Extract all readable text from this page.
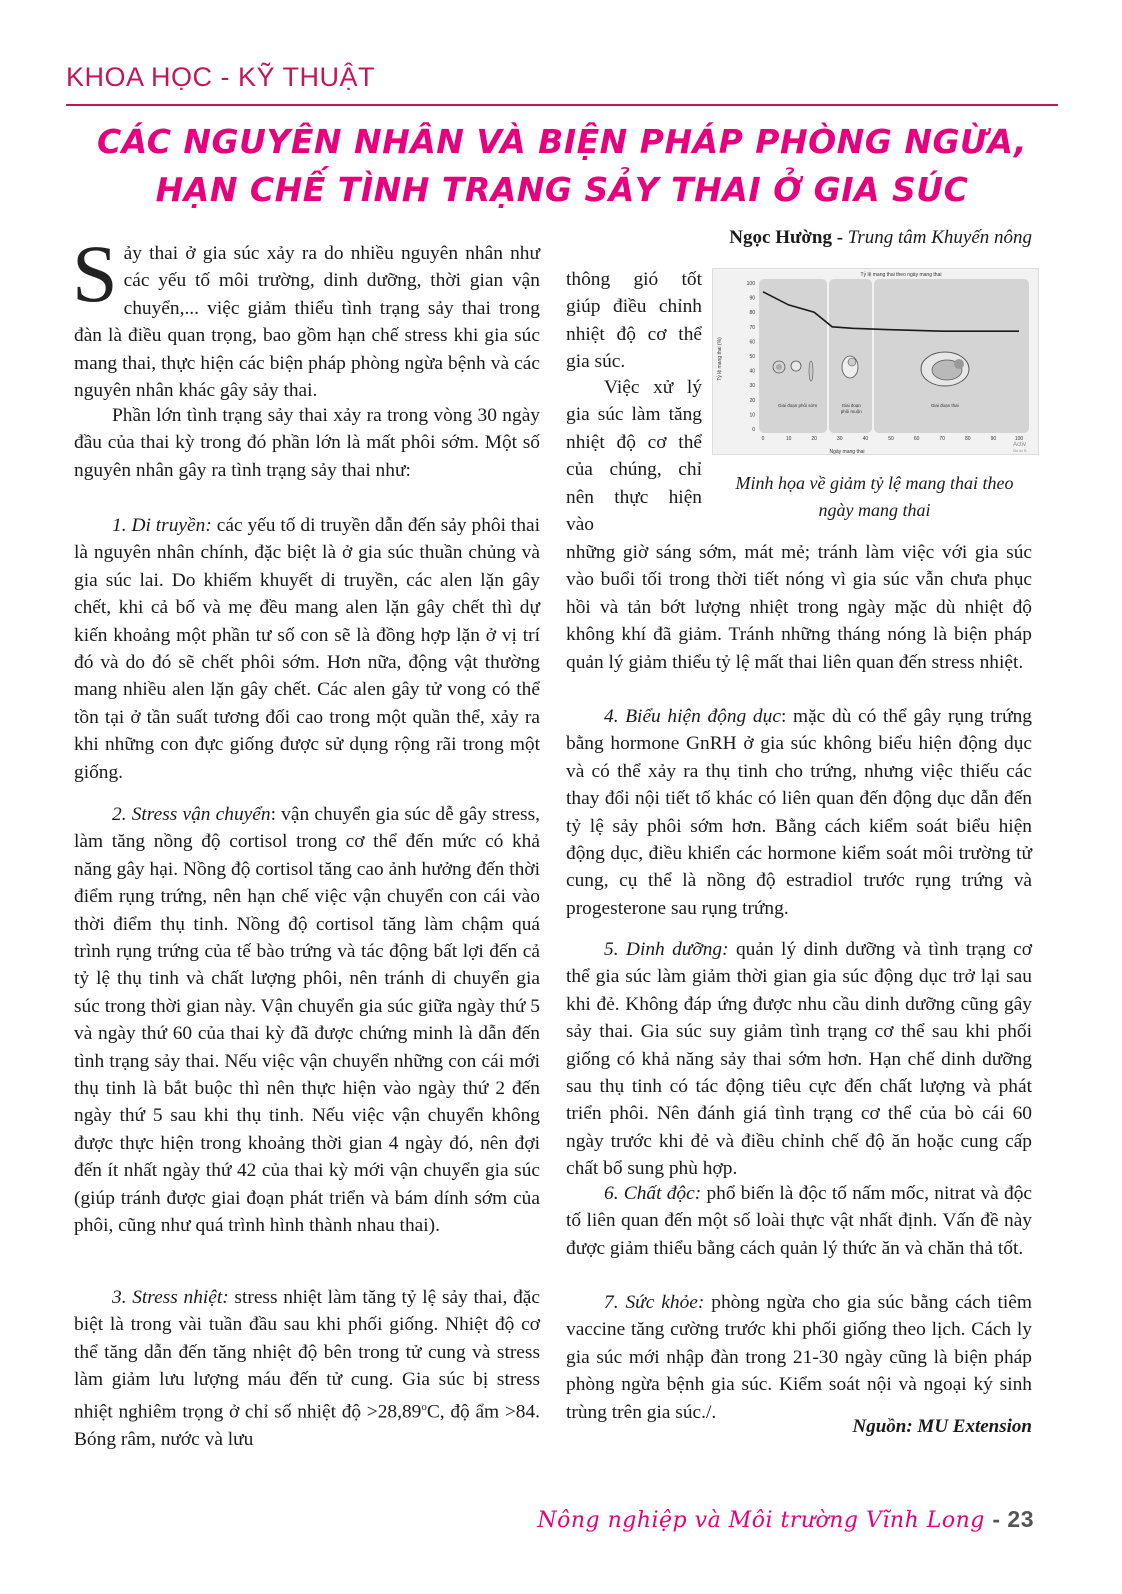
KHOA HỌC - KỸ THUẬT
CÁC NGUYÊN NHÂN VÀ BIỆN PHÁP PHÒNG NGỪA,
HẠN CHẾ TÌNH TRẠNG SẢY THAI Ở GIA SÚC
Ngọc Hường - Trung tâm Khuyến nông

Sảy thai ở gia súc xảy ra do nhiều nguyên nhân như các yếu tố môi trường, dinh dưỡng, thời gian vận chuyển,... việc giảm thiểu tình trạng sảy thai trong đàn là điều quan trọng, bao gồm hạn chế stress khi gia súc mang thai, thực hiện các biện pháp phòng ngừa bệnh và các nguyên nhân khác gây sảy thai.

Phần lớn tình trạng sảy thai xảy ra trong vòng 30 ngày đầu của thai kỳ trong đó phần lớn là mất phôi sớm. Một số nguyên nhân gây ra tình trạng sảy thai như:

1. Di truyền: các yếu tố di truyền dẫn đến sảy phôi thai là nguyên nhân chính, đặc biệt là ở gia súc thuần chủng và gia súc lai. Do khiếm khuyết di truyền, các alen lặn gây chết, khi cả bố và mẹ đều mang alen lặn gây chết thì dự kiến khoảng một phần tư số con sẽ là đồng hợp lặn ở vị trí đó và do đó sẽ chết phôi sớm. Hơn nữa, động vật thường mang nhiều alen lặn gây chết. Các alen gây tử vong có thể tồn tại ở tần suất tương đối cao trong một quần thể, xảy ra khi những con đực giống được sử dụng rộng rãi trong một giống.

2. Stress vận chuyển: vận chuyển gia súc dễ gây stress, làm tăng nồng độ cortisol trong cơ thể đến mức có khả năng gây hại. Nồng độ cortisol tăng cao ảnh hưởng đến thời điểm rụng trứng, nên hạn chế việc vận chuyển con cái vào thời điểm thụ tinh. Nồng độ cortisol tăng làm chậm quá trình rụng trứng của tế bào trứng và tác động bất lợi đến cả tỷ lệ thụ tinh và chất lượng phôi, nên tránh di chuyển gia súc trong thời gian này. Vận chuyển gia súc giữa ngày thứ 5 và ngày thứ 60 của thai kỳ đã được chứng minh là dẫn đến tình trạng sảy thai. Nếu việc vận chuyển những con cái mới thụ tinh là bắt buộc thì nên thực hiện vào ngày thứ 2 đến ngày thứ 5 sau khi thụ tinh. Nếu việc vận chuyển không được thực hiện trong khoảng thời gian 4 ngày đó, nên đợi đến ít nhất ngày thứ 42 của thai kỳ mới vận chuyển gia súc (giúp tránh được giai đoạn phát triển và bám dính sớm của phôi, cũng như quá trình hình thành nhau thai).

3. Stress nhiệt: stress nhiệt làm tăng tỷ lệ sảy thai, đặc biệt là trong vài tuần đầu sau khi phối giống. Nhiệt độ cơ thể tăng dẫn đến tăng nhiệt độ bên trong tử cung và stress làm giảm lưu lượng máu đến tử cung. Gia súc bị stress nhiệt nghiêm trọng ở chỉ số nhiệt độ $>28,89^oC$, độ ẩm >84. Bóng râm, nước và lưu

thông gió tốt giúp điều chỉnh nhiệt độ cơ thể gia súc.

Việc xử lý gia súc làm tăng nhiệt độ cơ thể của chúng, chỉ nên thực hiện vào

Tỷ lệ mang thai theo ngày mang thai
Tỷ lệ mang thai (%)
Ngày mang thai
0
10
20
30
40
50
60
70
80
90
100
0	10	20	30	40	50	60	70	80	90	100
Giai đoạn phôi sớm	Giai đoạn
phôi muộn
Giai đoạn thai
Activ
Go to S
Minh họa về giảm tỷ lệ mang thai theo
ngày mang thai

những giờ sáng sớm, mát mẻ; tránh làm việc với gia súc vào buổi tối trong thời tiết nóng vì gia súc vẫn chưa phục hồi và tản bớt lượng nhiệt trong ngày mặc dù nhiệt độ không khí đã giảm. Tránh những tháng nóng là biện pháp quản lý giảm thiểu tỷ lệ mất thai liên quan đến stress nhiệt.

4. Biểu hiện động dục: mặc dù có thể gây rụng trứng bằng hormone GnRH ở gia súc không biểu hiện động dục và có thể xảy ra thụ tinh cho trứng, nhưng việc thiếu các thay đổi nội tiết tố khác có liên quan đến động dục dẫn đến tỷ lệ sảy phôi sớm hơn. Bằng cách kiểm soát biểu hiện động dục, điều khiển các hormone kiểm soát môi trường tử cung, cụ thể là nồng độ estradiol trước rụng trứng và progesterone sau rụng trứng.

5. Dinh dưỡng: quản lý dinh dưỡng và tình trạng cơ thể gia súc làm giảm thời gian gia súc động dục trở lại sau khi đẻ. Không đáp ứng được nhu cầu dinh dưỡng cũng gây sảy thai. Gia súc suy giảm tình trạng cơ thể sau khi phối giống có khả năng sảy thai sớm hơn. Hạn chế dinh dưỡng sau thụ tinh có tác động tiêu cực đến chất lượng và phát triển phôi. Nên đánh giá tình trạng cơ thể của bò cái 60 ngày trước khi đẻ và điều chỉnh chế độ ăn hoặc cung cấp chất bổ sung phù hợp.

6. Chất độc: phổ biến là độc tố nấm mốc, nitrat và độc tố liên quan đến một số loài thực vật nhất định. Vấn đề này được giảm thiểu bằng cách quản lý thức ăn và chăn thả tốt.

7. Sức khỏe: phòng ngừa cho gia súc bằng cách tiêm vaccine tăng cường trước khi phối giống theo lịch. Cách ly gia súc mới nhập đàn trong 21-30 ngày cũng là biện pháp phòng ngừa bệnh gia súc. Kiểm soát nội và ngoại ký sinh trùng trên gia súc./.

Nguồn: MU Extension
Nông nghiệp và Môi trường Vĩnh Long - 23
